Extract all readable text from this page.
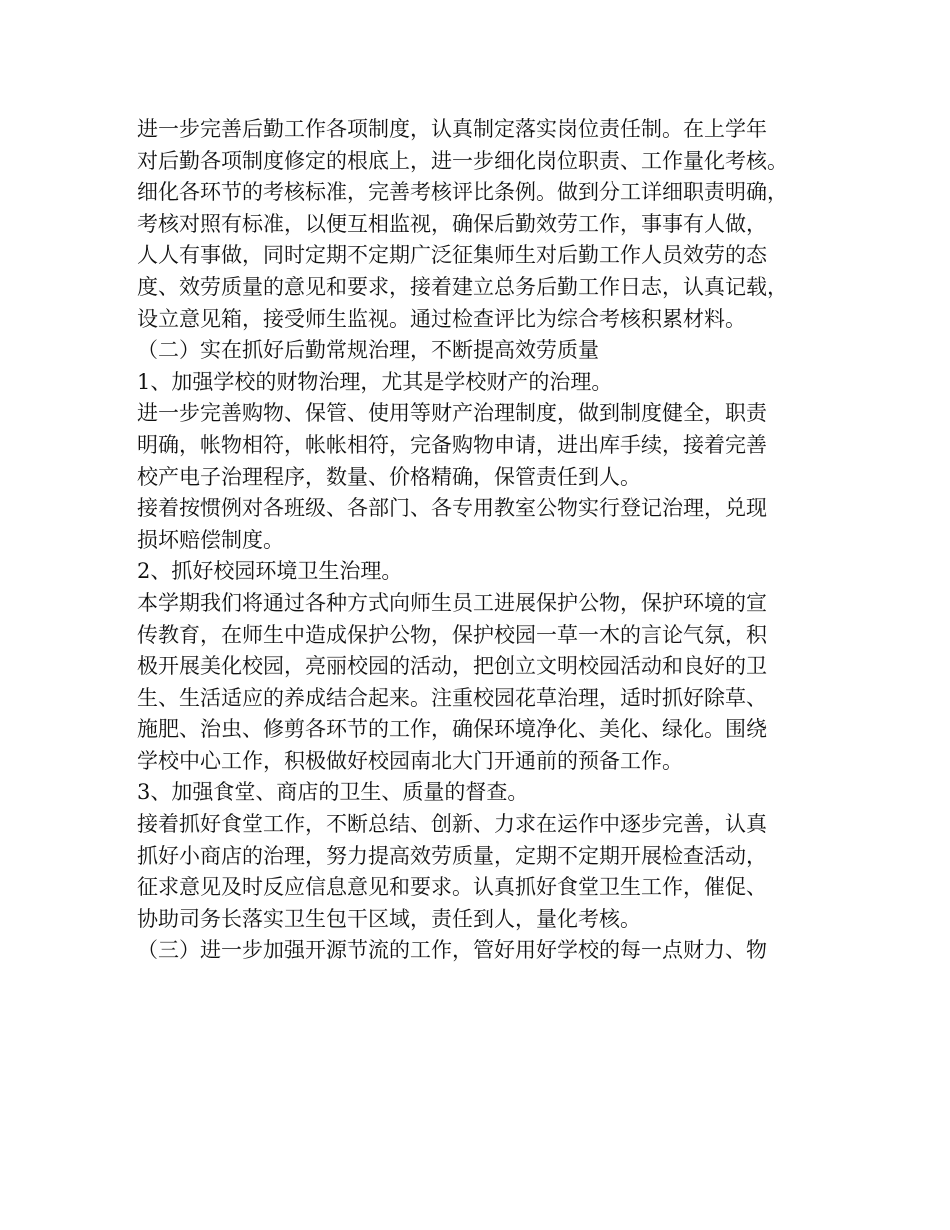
进一步完善后勤工作各项制度，认真制定落实岗位责任制。在上学年
对后勤各项制度修定的根底上，进一步细化岗位职责、工作量化考核。
细化各环节的考核标准，完善考核评比条例。做到分工详细职责明确，
考核对照有标准，以便互相监视，确保后勤效劳工作，事事有人做，
人人有事做，同时定期不定期广泛征集师生对后勤工作人员效劳的态
度、效劳质量的意见和要求，接着建立总务后勤工作日志，认真记载，
设立意见箱，接受师生监视。通过检查评比为综合考核积累材料。
（二）实在抓好后勤常规治理，不断提高效劳质量
1、加强学校的财物治理，尤其是学校财产的治理。
进一步完善购物、保管、使用等财产治理制度，做到制度健全，职责
明确，帐物相符，帐帐相符，完备购物申请，进出库手续，接着完善
校产电子治理程序，数量、价格精确，保管责任到人。
接着按惯例对各班级、各部门、各专用教室公物实行登记治理，兑现
损坏赔偿制度。
2、抓好校园环境卫生治理。
本学期我们将通过各种方式向师生员工进展保护公物，保护环境的宣
传教育，在师生中造成保护公物，保护校园一草一木的言论气氛，积
极开展美化校园，亮丽校园的活动，把创立文明校园活动和良好的卫
生、生活适应的养成结合起来。注重校园花草治理，适时抓好除草、
施肥、治虫、修剪各环节的工作，确保环境净化、美化、绿化。围绕
学校中心工作，积极做好校园南北大门开通前的预备工作。
3、加强食堂、商店的卫生、质量的督查。
接着抓好食堂工作，不断总结、创新、力求在运作中逐步完善，认真
抓好小商店的治理，努力提高效劳质量，定期不定期开展检查活动，
征求意见及时反应信息意见和要求。认真抓好食堂卫生工作，催促、
协助司务长落实卫生包干区域，责任到人，量化考核。
（三）进一步加强开源节流的工作，管好用好学校的每一点财力、物
